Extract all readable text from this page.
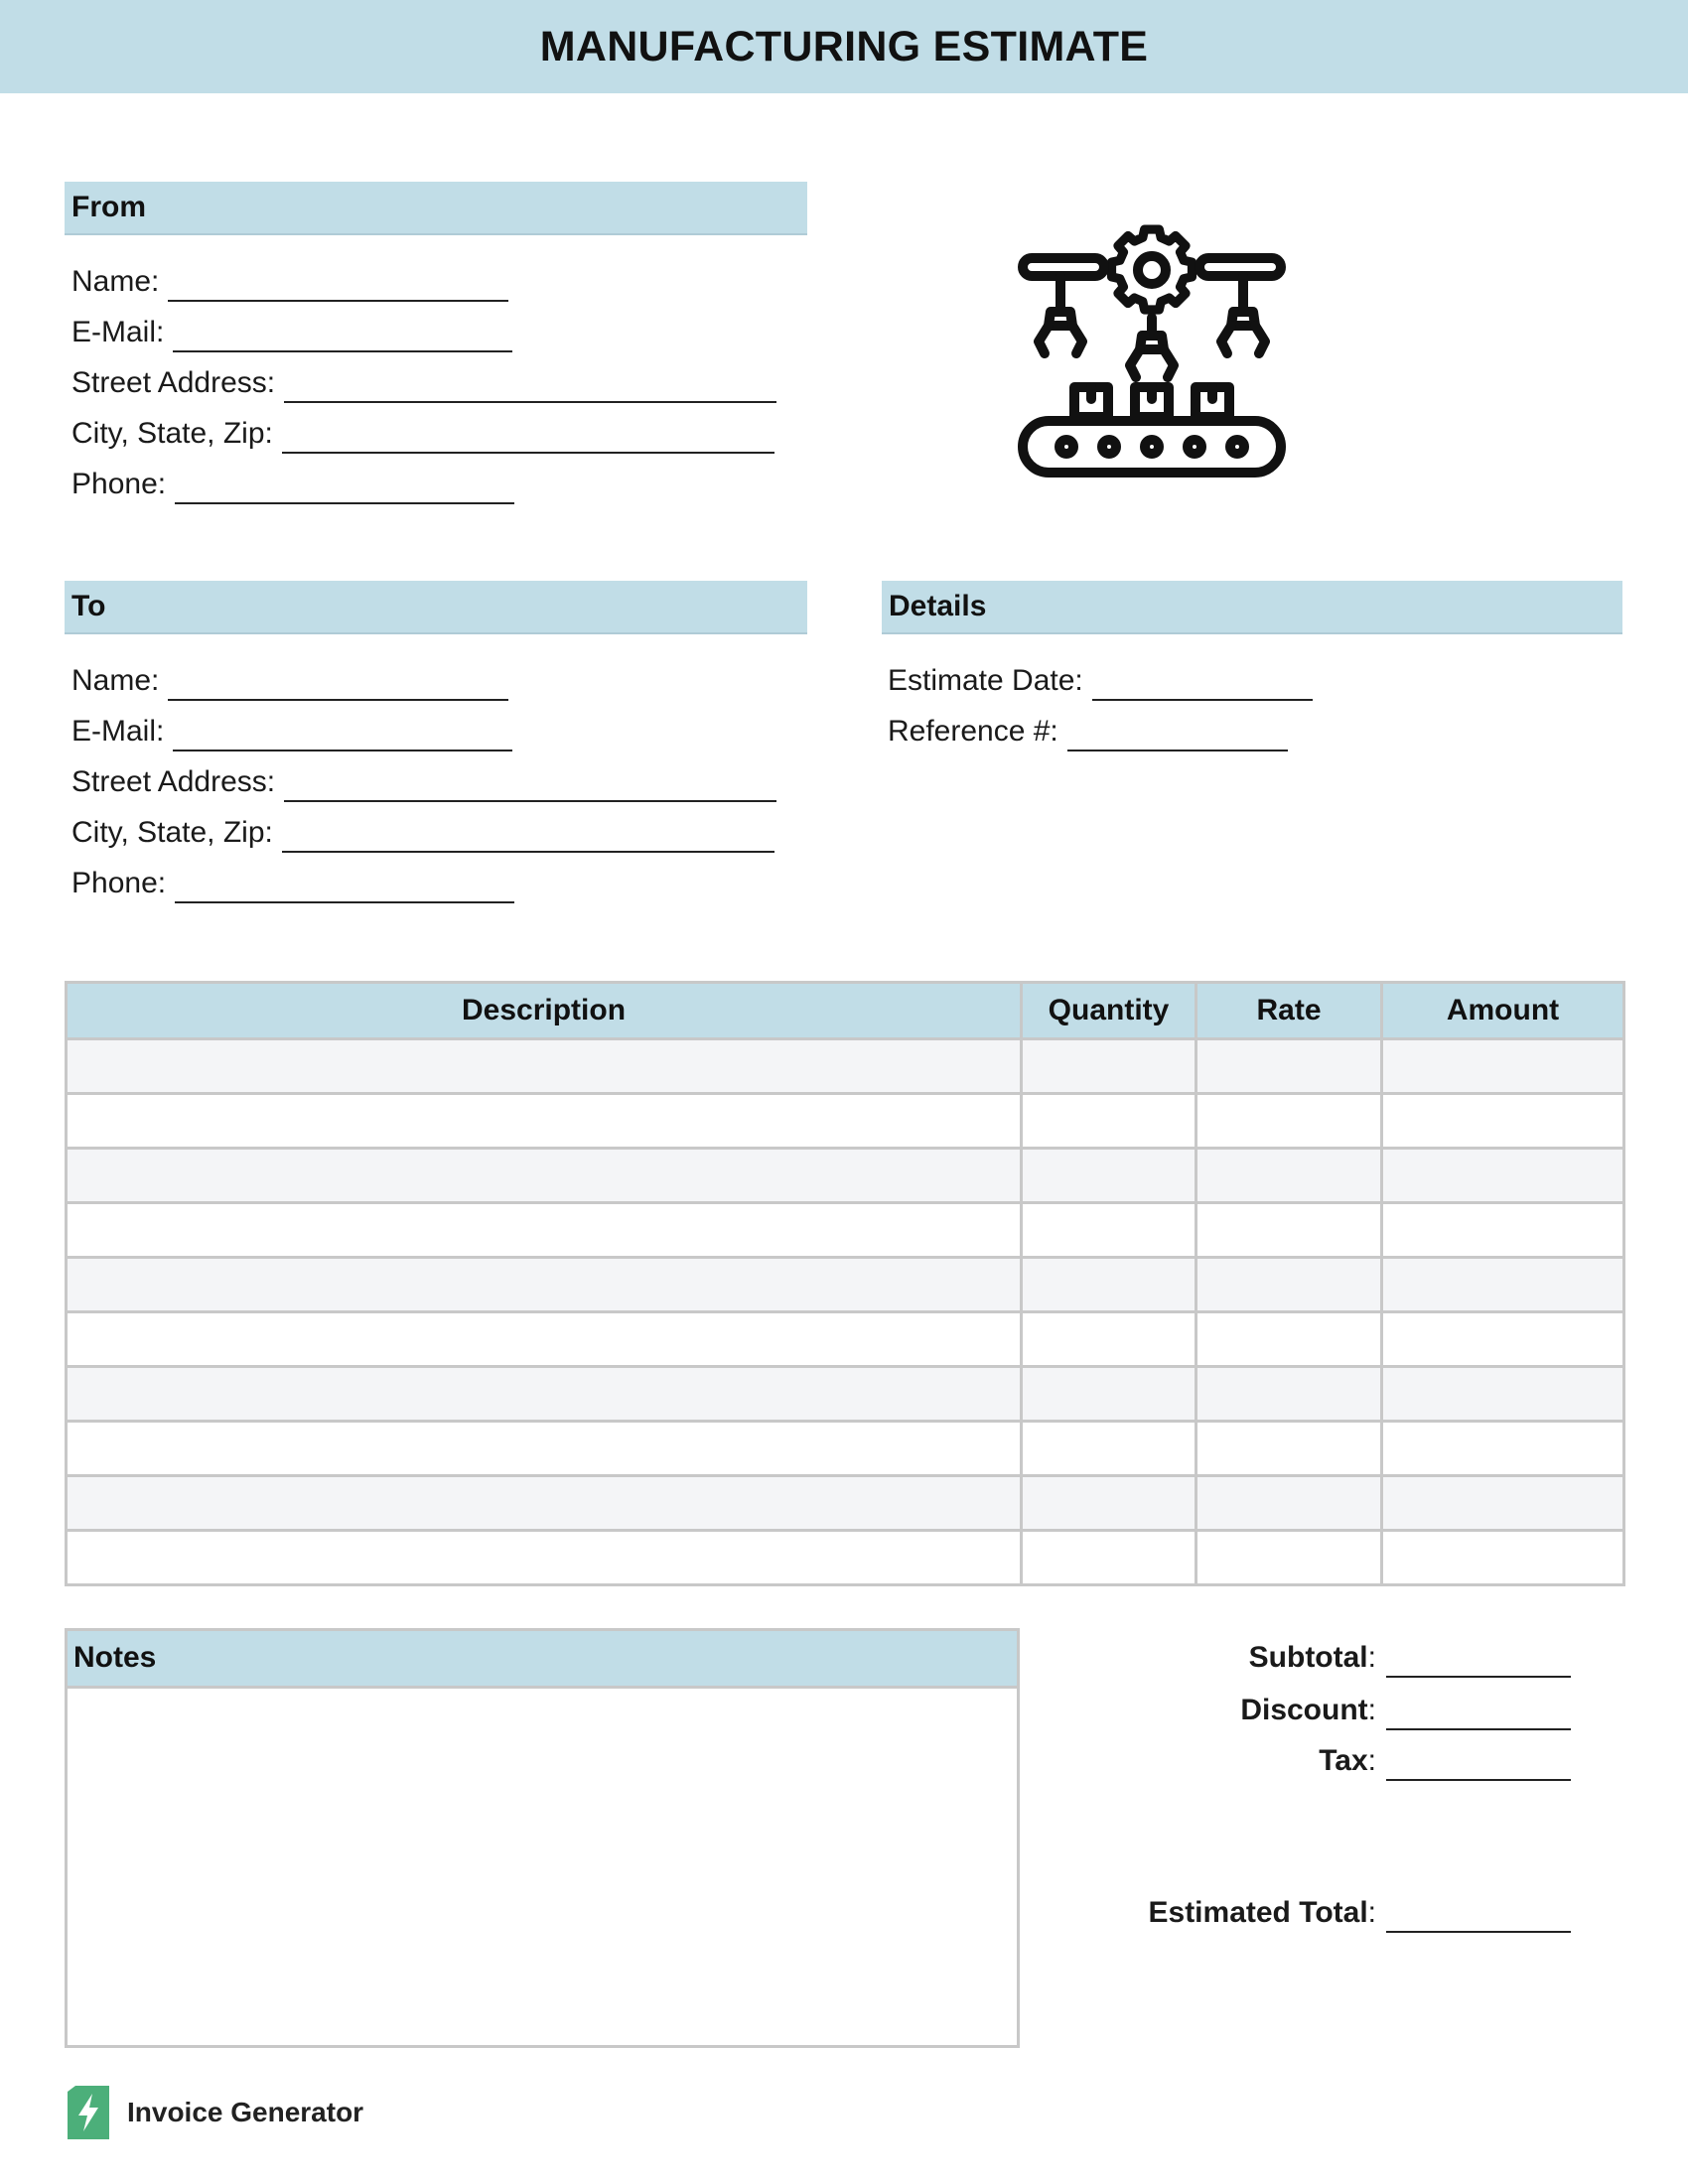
MANUFACTURING ESTIMATE
From
Name:
E-Mail:
Street Address:
City, State, Zip:
Phone:
To
Name:
E-Mail:
Street Address:
City, State, Zip:
Phone:
Details
Estimate Date:
Reference #:
Description	Quantity	Rate	Amount

Notes	Subtotal:
Discount:
Tax:
Estimated Total:
Invoice Generator
